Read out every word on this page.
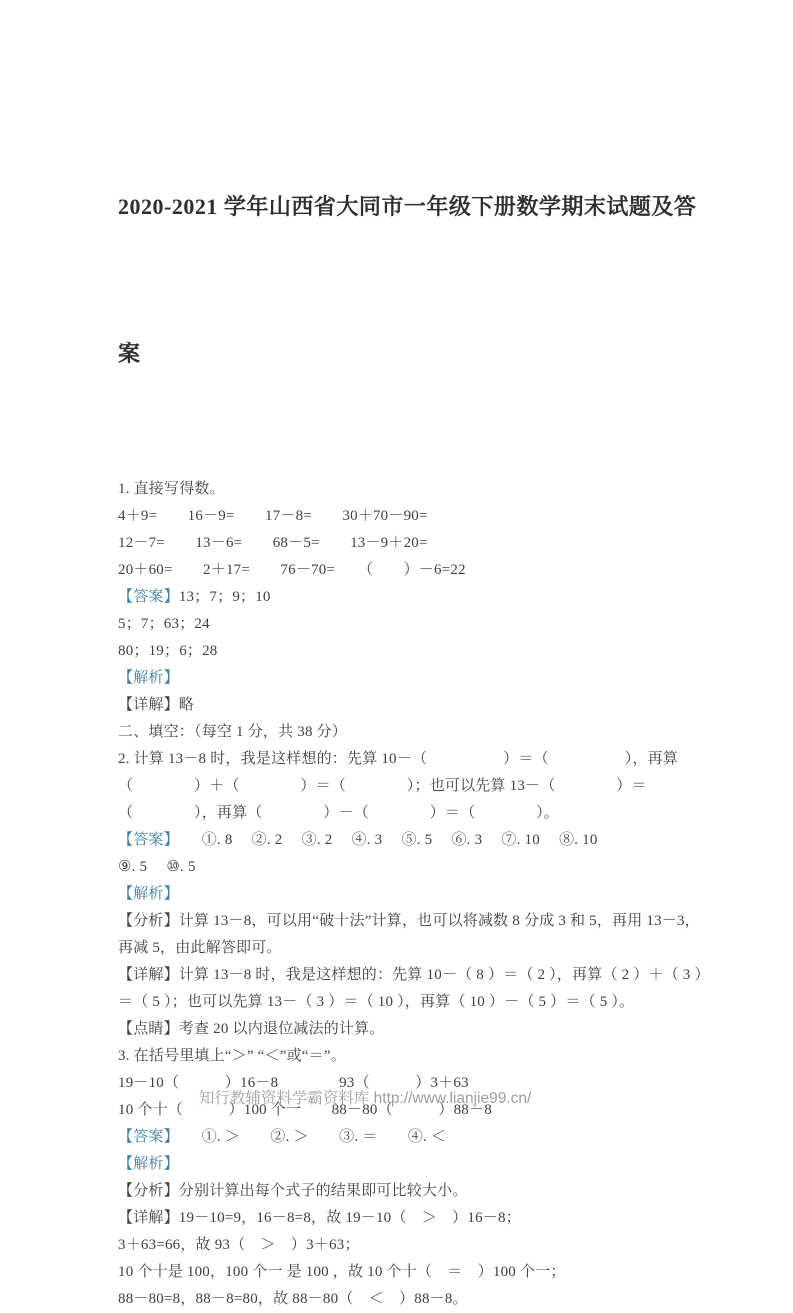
2020-2021 学年山西省大同市一年级下册数学期末试题及答

案

1. 直接写得数。

4＋9=　　16－9=　　17－8=　　30＋70－90=

12－7=　　13－6=　　68－5=　　13－9＋20=

20＋60=　　2＋17=　　76－70=　　（　　）－6=22

【答案】13；7；9；10

5；7；63；24

80；19；6；28

【解析】

【详解】略

二、填空：（每空 1 分，共 38 分）

2. 计算 13－8 时，我是这样想的：先算 10－（　　　　　）＝（　　　　　），再算

（　　　　）＋（　　　　）＝（　　　　）；也可以先算 13－（　　　　）＝

（　　　　），再算（　　　　）－（　　　　）＝（　　　　）。

【答案】　　①. 8　 ②. 2　 ③. 2　 ④. 3　 ⑤. 5　 ⑥. 3　 ⑦. 10　 ⑧. 10

⑨. 5　 ⑩. 5

【解析】

【分析】计算 13－8，可以用“破十法”计算，也可以将减数 8 分成 3 和 5，再用 13－3，

再减 5，由此解答即可。

【详解】计算 13－8 时，我是这样想的：先算 10－（ 8 ）＝（ 2 ），再算（ 2 ）＋（ 3 ）

＝（ 5 ）；也可以先算 13－（ 3 ）＝（ 10 ），再算（ 10 ）－（ 5 ）＝（ 5 ）。

【点睛】考查 20 以内退位减法的计算。

3. 在括号里填上“＞” “＜”或“＝”。

19－10（　　　）16－8　　　　93（　　　）3＋63

10 个十（　　　）100 个一　　88－80（　　　）88－8

【答案】　　①. ＞　　②. ＞　　③. ＝　　④. ＜

【解析】

【分析】分别计算出每个式子的结果即可比较大小。

【详解】19－10=9，16－8=8，故 19－10（　＞　）16－8；

3＋63=66，故 93（　＞　）3＋63；

10 个十是 100，100 个一 是 100 ，故 10 个十（　＝　）100 个一；

88－80=8，88－8=80，故 88－80（　＜　）88－8。

知行教辅资料学霸资料库 http://www.lianjie99.cn/
